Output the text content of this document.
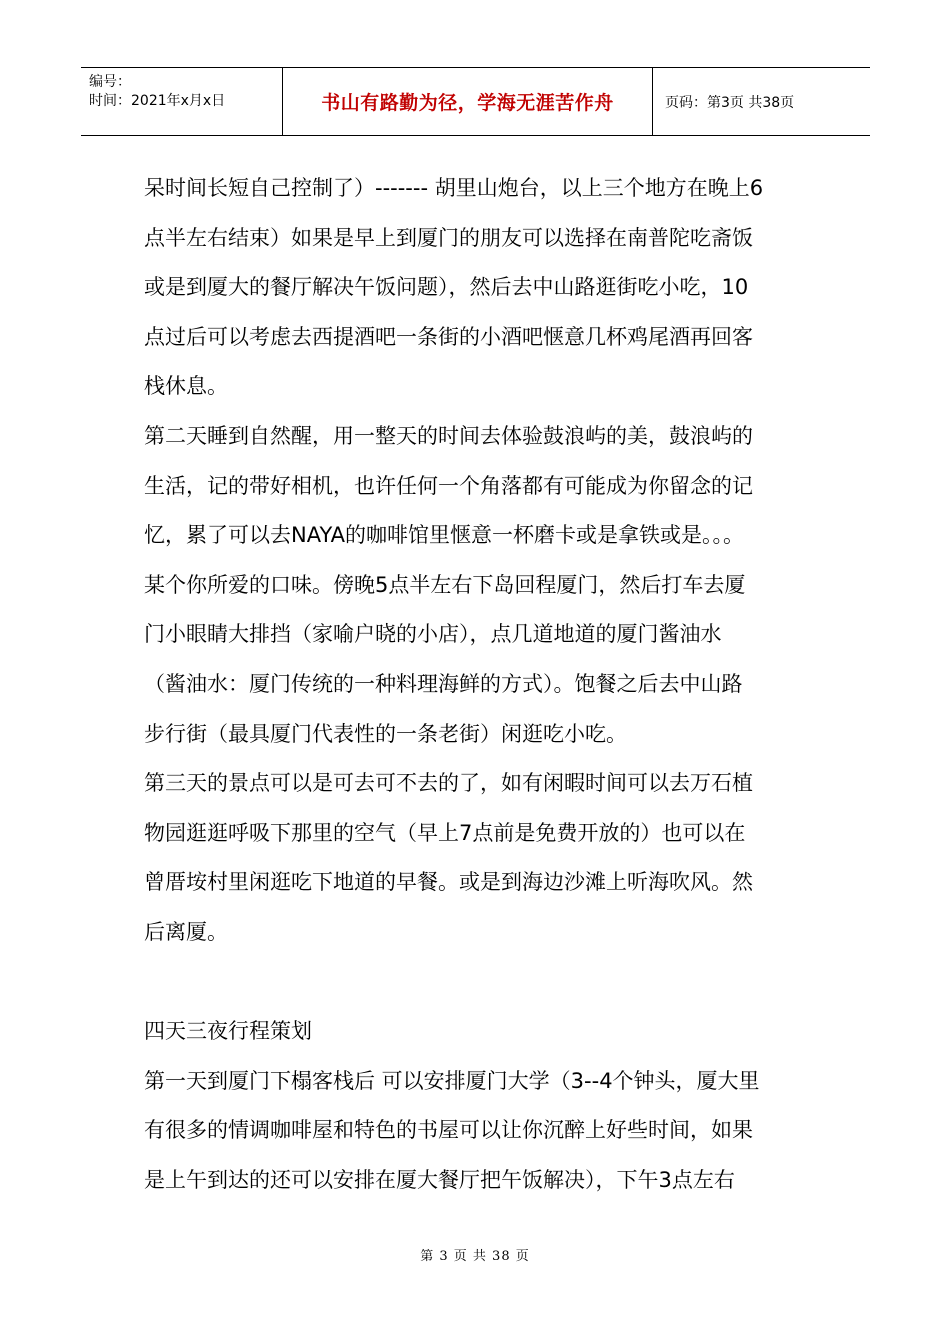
编号：
时间：2021年x月x日	书山有路勤为径，学海无涯苦作舟	页码：第3页 共38页

呆时间长短自己控制了）------- 胡里山炮台，以上三个地方在晚上6

点半左右结束）如果是早上到厦门的朋友可以选择在南普陀吃斋饭

或是到厦大的餐厅解决午饭问题），然后去中山路逛街吃小吃，10

点过后可以考虑去西提酒吧一条街的小酒吧惬意几杯鸡尾酒再回客

栈休息。

第二天睡到自然醒，用一整天的时间去体验鼓浪屿的美，鼓浪屿的

生活，记的带好相机，也许任何一个角落都有可能成为你留念的记

忆，累了可以去NAYA的咖啡馆里惬意一杯磨卡或是拿铁或是。。。

某个你所爱的口味。傍晚5点半左右下岛回程厦门，然后打车去厦

门小眼睛大排挡（家喻户晓的小店），点几道地道的厦门酱油水

（酱油水：厦门传统的一种料理海鲜的方式）。饱餐之后去中山路

步行街（最具厦门代表性的一条老街）闲逛吃小吃。

第三天的景点可以是可去可不去的了，如有闲暇时间可以去万石植

物园逛逛呼吸下那里的空气（早上7点前是免费开放的）也可以在

曾厝垵村里闲逛吃下地道的早餐。或是到海边沙滩上听海吹风。然

后离厦。

四天三夜行程策划

第一天到厦门下榻客栈后 可以安排厦门大学（3--4个钟头，厦大里

有很多的情调咖啡屋和特色的书屋可以让你沉醉上好些时间，如果

是上午到达的还可以安排在厦大餐厅把午饭解决），下午3点左右

第 3 页 共 38 页
